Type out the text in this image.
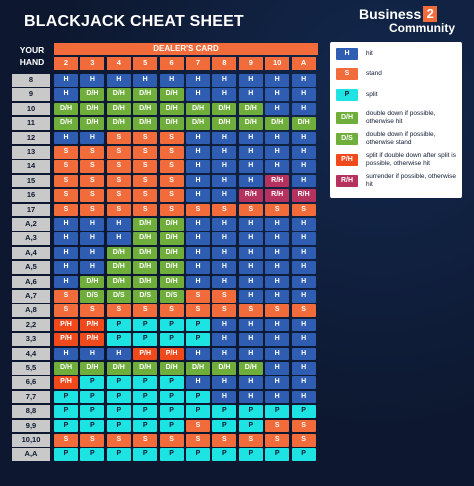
BLACKJACK CHEAT SHEET	Business 2
Community
YOUR HAND
DEALER'S CARD
2	3	4	5	6	7	8	9	10	A
8	H	H	H	H	H	H	H	H	H	H
9	H	D/H	D/H	D/H	D/H	H	H	H	H	H
10	D/H	D/H	D/H	D/H	D/H	D/H	D/H	D/H	H	H
11	D/H	D/H	D/H	D/H	D/H	D/H	D/H	D/H	D/H	D/H
12	H	H	S	S	S	H	H	H	H	H
13	S	S	S	S	S	H	H	H	H	H
14	S	S	S	S	S	H	H	H	H	H
15	S	S	S	S	S	H	H	H	R/H	H
16	S	S	S	S	S	H	H	R/H	R/H	R/H
17	S	S	S	S	S	S	S	S	S	S
A,2	H	H	H	D/H	D/H	H	H	H	H	H
A,3	H	H	H	D/H	D/H	H	H	H	H	H
A,4	H	H	D/H	D/H	D/H	H	H	H	H	H
A,5	H	H	D/H	D/H	D/H	H	H	H	H	H
A,6	H	D/H	D/H	D/H	D/H	H	H	H	H	H
A,7	S	D/S	D/S	D/S	D/S	S	S	H	H	H
A,8	S	S	S	S	S	S	S	S	S	S
2,2	P/H	P/H	P	P	P	P	H	H	H	H
3,3	P/H	P/H	P	P	P	P	H	H	H	H
4,4	H	H	H	P/H	P/H	H	H	H	H	H
5,5	D/H	D/H	D/H	D/H	D/H	D/H	D/H	D/H	H	H
6,6	P/H	P	P	P	P	H	H	H	H	H
7,7	P	P	P	P	P	P	H	H	H	H
8,8	P	P	P	P	P	P	P	P	P	P
9,9	P	P	P	P	P	S	P	P	S	S
10,10	S	S	S	S	S	S	S	S	S	S
A,A	P	P	P	P	P	P	P	P	P	P
H	hit
S	stand
P	split
D/H	double down if possible, otherwise hit
D/S	double down if possible, otherwise stand
P/H	split if double down after split is possible, otherwise hit
R/H	surrender if possible, otherwise hit
